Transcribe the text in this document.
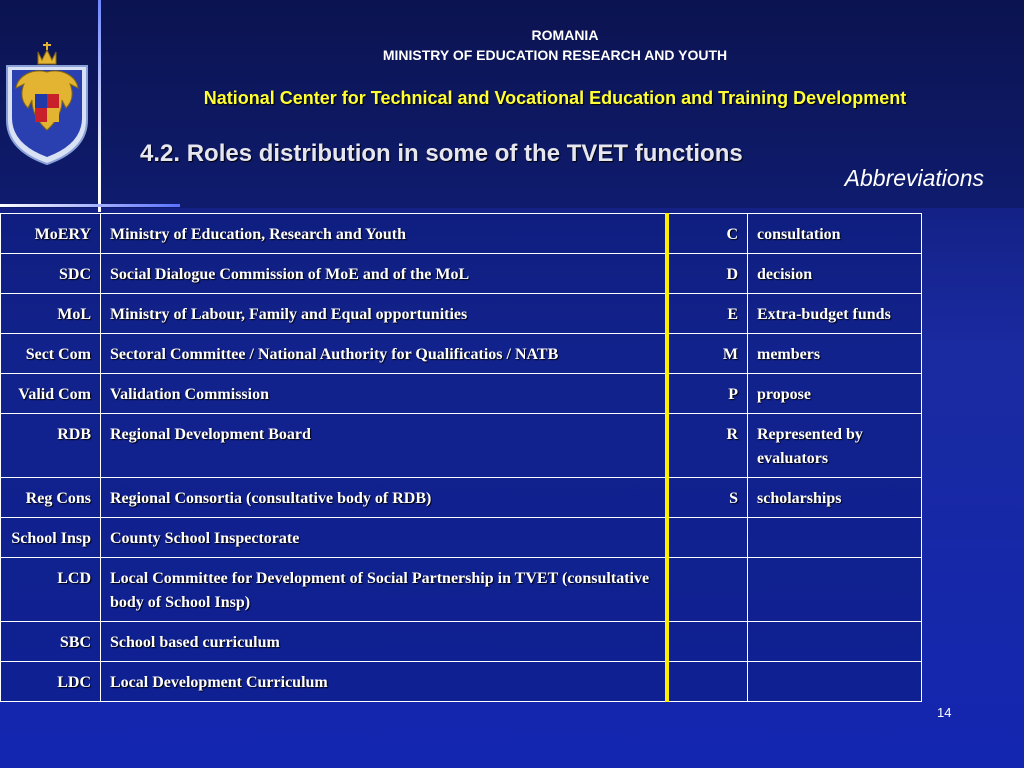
ROMANIA
MINISTRY OF EDUCATION RESEARCH AND YOUTH
National Center for Technical and Vocational Education and Training Development
4.2. Roles distribution in some of the TVET functions
Abbreviations
MoERY	Ministry of Education, Research and Youth	C	consultation
SDC	Social Dialogue Commission of MoE and of the MoL	D	decision
MoL	Ministry of Labour, Family and Equal opportunities	E	Extra-budget funds
Sect Com	Sectoral Committee / National Authority for Qualificatios / NATB	M	members
Valid Com	Validation Commission	P	propose
RDB	Regional Development Board	R	Represented by evaluators
Reg Cons	Regional Consortia (consultative body of RDB)	S	scholarships
School Insp	County School Inspectorate		
LCD	Local Committee for Development of Social Partnership in TVET (consultative body of School Insp)		
SBC	School based curriculum		
LDC	Local Development Curriculum		
14
